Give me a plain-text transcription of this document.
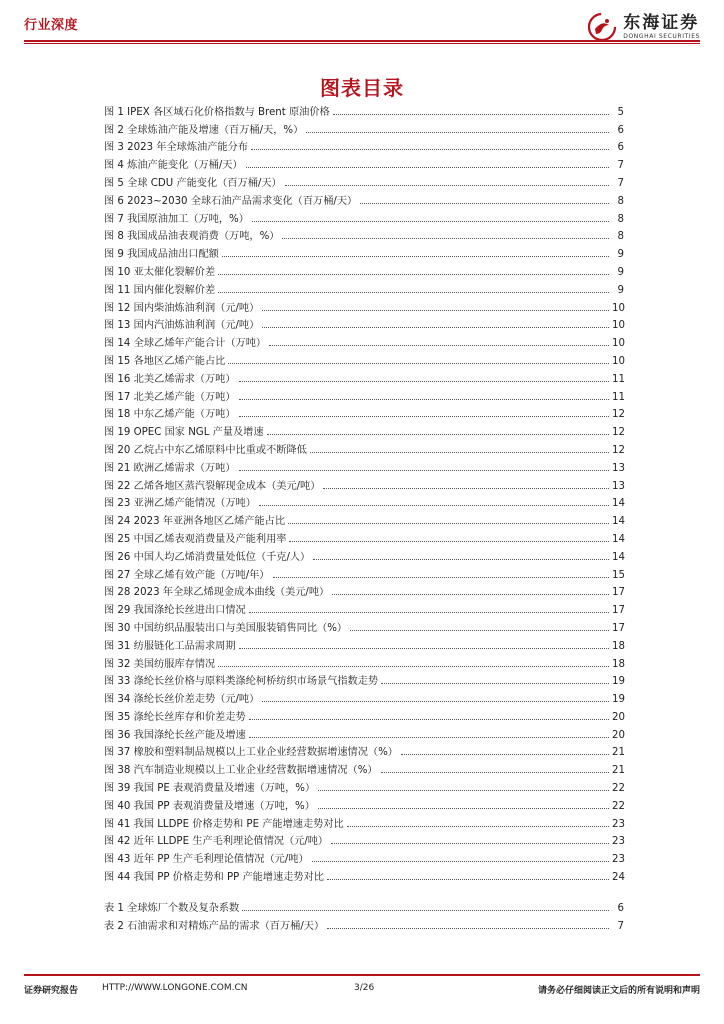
行业深度	东海证券
DONGHAI SECURITIES
图表目录
图 1 IPEX 各区域石化价格指数与 Brent 原油价格	5
图 2 全球炼油产能及增速（百万桶/天，%）	6
图 3 2023 年全球炼油产能分布	6
图 4 炼油产能变化（万桶/天）	7
图 5 全球 CDU 产能变化（百万桶/天）	7
图 6 2023~2030 全球石油产品需求变化（百万桶/天）	8
图 7 我国原油加工（万吨，%）	8
图 8 我国成品油表观消费（万吨，%）	8
图 9 我国成品油出口配额	9
图 10 亚太催化裂解价差	9
图 11 国内催化裂解价差	9
图 12 国内柴油炼油利润（元/吨）	10
图 13 国内汽油炼油利润（元/吨）	10
图 14 全球乙烯年产能合计（万吨）	10
图 15 各地区乙烯产能占比	10
图 16 北美乙烯需求（万吨）	11
图 17 北美乙烯产能（万吨）	11
图 18 中东乙烯产能（万吨）	12
图 19 OPEC 国家 NGL 产量及增速	12
图 20 乙烷占中东乙烯原料中比重或不断降低	12
图 21 欧洲乙烯需求（万吨）	13
图 22 乙烯各地区蒸汽裂解现金成本（美元/吨）	13
图 23 亚洲乙烯产能情况（万吨）	14
图 24 2023 年亚洲各地区乙烯产能占比	14
图 25 中国乙烯表观消费量及产能利用率	14
图 26 中国人均乙烯消费量处低位（千克/人）	14
图 27 全球乙烯有效产能（万吨/年）	15
图 28 2023 年全球乙烯现金成本曲线（美元/吨）	17
图 29 我国涤纶长丝进出口情况	17
图 30 中国纺织品服装出口与美国服装销售同比（%）	17
图 31 纺服链化工品需求周期	18
图 32 美国纺服库存情况	18
图 33 涤纶长丝价格与原料类涤纶柯桥纺织市场景气指数走势	19
图 34 涤纶长丝价差走势（元/吨）	19
图 35 涤纶长丝库存和价差走势	20
图 36 我国涤纶长丝产能及增速	20
图 37 橡胶和塑料制品规模以上工业企业经营数据增速情况（%）	21
图 38 汽车制造业规模以上工业企业经营数据增速情况（%）	21
图 39 我国 PE 表观消费量及增速（万吨，%）	22
图 40 我国 PP 表观消费量及增速（万吨，%）	22
图 41 我国 LLDPE 价格走势和 PE 产能增速走势对比	23
图 42 近年 LLDPE 生产毛利理论值情况（元/吨）	23
图 43 近年 PP 生产毛利理论值情况（元/吨）	23
图 44 我国 PP 价格走势和 PP 产能增速走势对比	24
表 1 全球炼厂个数及复杂系数	6
表 2 石油需求和对精炼产品的需求（百万桶/天）	7
证券研究报告	HTTP://WWW.LONGONE.COM.CN	3/26	请务必仔细阅读正文后的所有说明和声明
